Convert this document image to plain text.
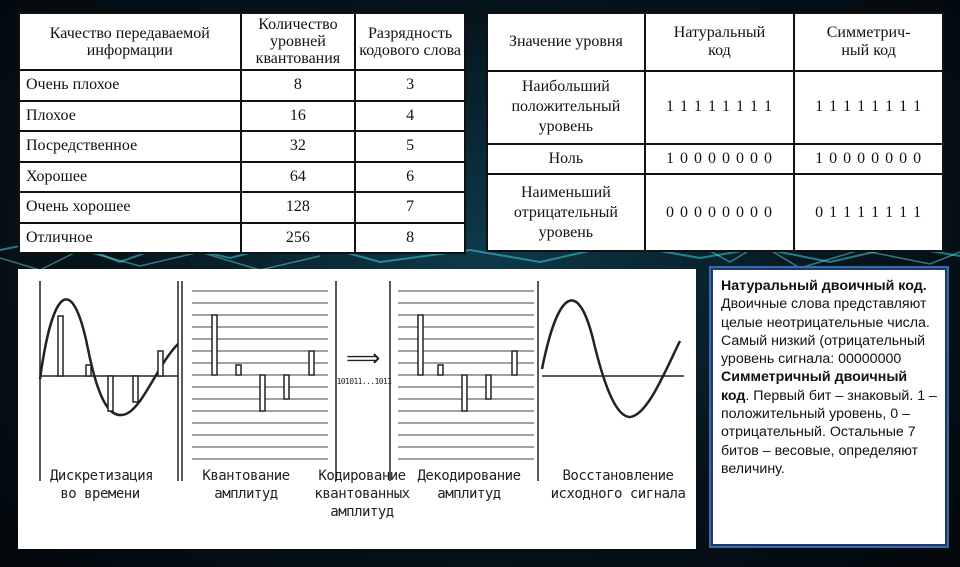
Качество передаваемой информации	Количество уровней квантования	Разрядность кодового слова
Очень плохое	8	3
Плохое	16	4
Посредственное	32	5
Хорошее	64	6
Очень хорошее	128	7
Отличное	256	8
Значение уровня	Натуральный код	Симметрич-ный код
Наибольший положительный уровень	1 1 1 1 1 1 1 1	1 1 1 1 1 1 1 1
Ноль	1 0 0 0 0 0 0 0	1 0 0 0 0 0 0 0
Наименьший отрицательный уровень	0 0 0 0 0 0 0 0	0 1 1 1 1 1 1 1
⟹
101011...1011
Дискретизация во времени
Квантование амплитуд
Кодирование квантованных амплитуд
Декодирование амплитуд
Восстановление исходного сигнала
Натуральный двоичный код. Двоичные слова представляют целые неотрицательные числа. Самый низкий (отрицательный уровень сигнала: 00000000 Симметричный двоичный код. Первый бит – знаковый. 1 – положительный уровень, 0 – отрицательный. Остальные 7 битов – весовые, определяют величину.
